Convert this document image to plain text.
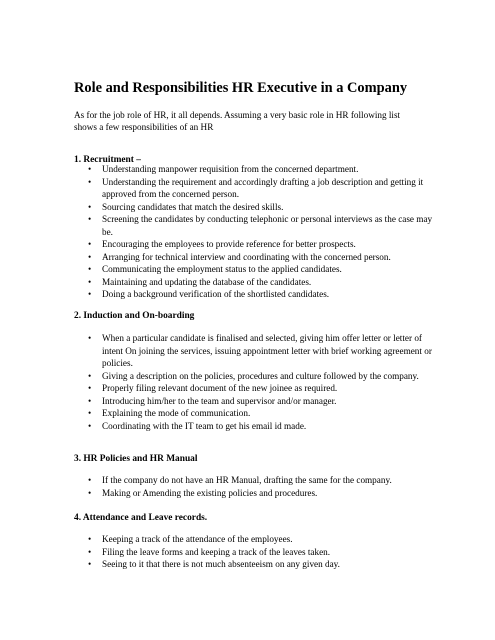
Role and Responsibilities HR Executive in a Company
As for the job role of HR, it all depends. Assuming a very basic role in HR following list shows a few responsibilities of an HR
1. Recruitment –
• Understanding manpower requisition from the concerned department.
• Understanding the requirement and accordingly drafting a job description and getting it approved from the concerned person.
• Sourcing candidates that match the desired skills.
• Screening the candidates by conducting telephonic or personal interviews as the case may be.
• Encouraging the employees to provide reference for better prospects.
• Arranging for technical interview and coordinating with the concerned person.
• Communicating the employment status to the applied candidates.
• Maintaining and updating the database of the candidates.
• Doing a background verification of the shortlisted candidates.
2. Induction and On-boarding
• When a particular candidate is finalised and selected, giving him offer letter or letter of intent On joining the services, issuing appointment letter with brief working agreement or policies.
• Giving a description on the policies, procedures and culture followed by the company.
• Properly filing relevant document of the new joinee as required.
• Introducing him/her to the team and supervisor and/or manager.
• Explaining the mode of communication.
• Coordinating with the IT team to get his email id made.
3. HR Policies and HR Manual
• If the company do not have an HR Manual, drafting the same for the company.
• Making or Amending the existing policies and procedures.
4. Attendance and Leave records.
• Keeping a track of the attendance of the employees.
• Filing the leave forms and keeping a track of the leaves taken.
• Seeing to it that there is not much absenteeism on any given day.
